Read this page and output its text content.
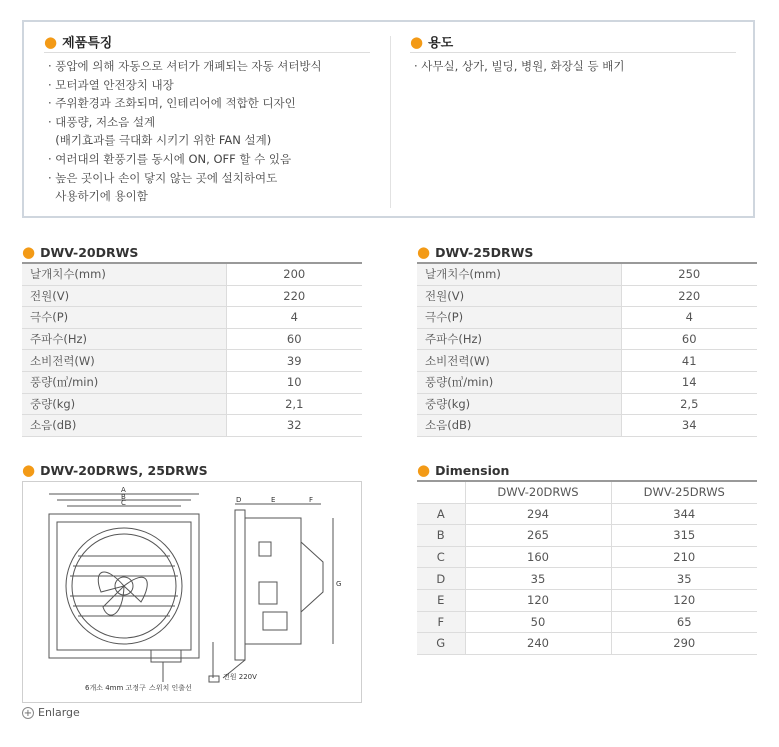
● 제품특징
· 풍압에 의해 자동으로 셔터가 개폐되는 자동 셔터방식
· 모터과열 안전장치 내장
· 주위환경과 조화되며, 인테리어에 적합한 디자인
· 대풍량, 저소음 설계
(배기효과를 극대화 시키기 위한 FAN 설계)
· 여러대의 환풍기를 동시에 ON, OFF 할 수 있음
· 높은 곳이나 손이 닿지 않는 곳에 설치하여도
사용하기에 용이함
● 용도
· 사무실, 상가, 빌딩, 병원, 화장실 등 배기
● DWV-20DRWS
날개치수(mm)	200
전원(V)	220
극수(P)	4
주파수(Hz)	60
소비전력(W)	39
풍량(㎥/min)	10
중량(kg)	2,1
소음(dB)	32
● DWV-25DRWS
날개치수(mm)	250
전원(V)	220
극수(P)	4
주파수(Hz)	60
소비전력(W)	41
풍량(㎥/min)	14
중량(kg)	2,5
소음(dB)	34
● DWV-20DRWS, 25DRWS
A
B
C	D	E	F
G
6개소 4mm 고정구 스위치 인출선
전원 220V
+ Enlarge
● Dimension
	DWV-20DRWS	DWV-25DRWS
A	294	344
B	265	315
C	160	210
D	35	35
E	120	120
F	50	65
G	240	290
